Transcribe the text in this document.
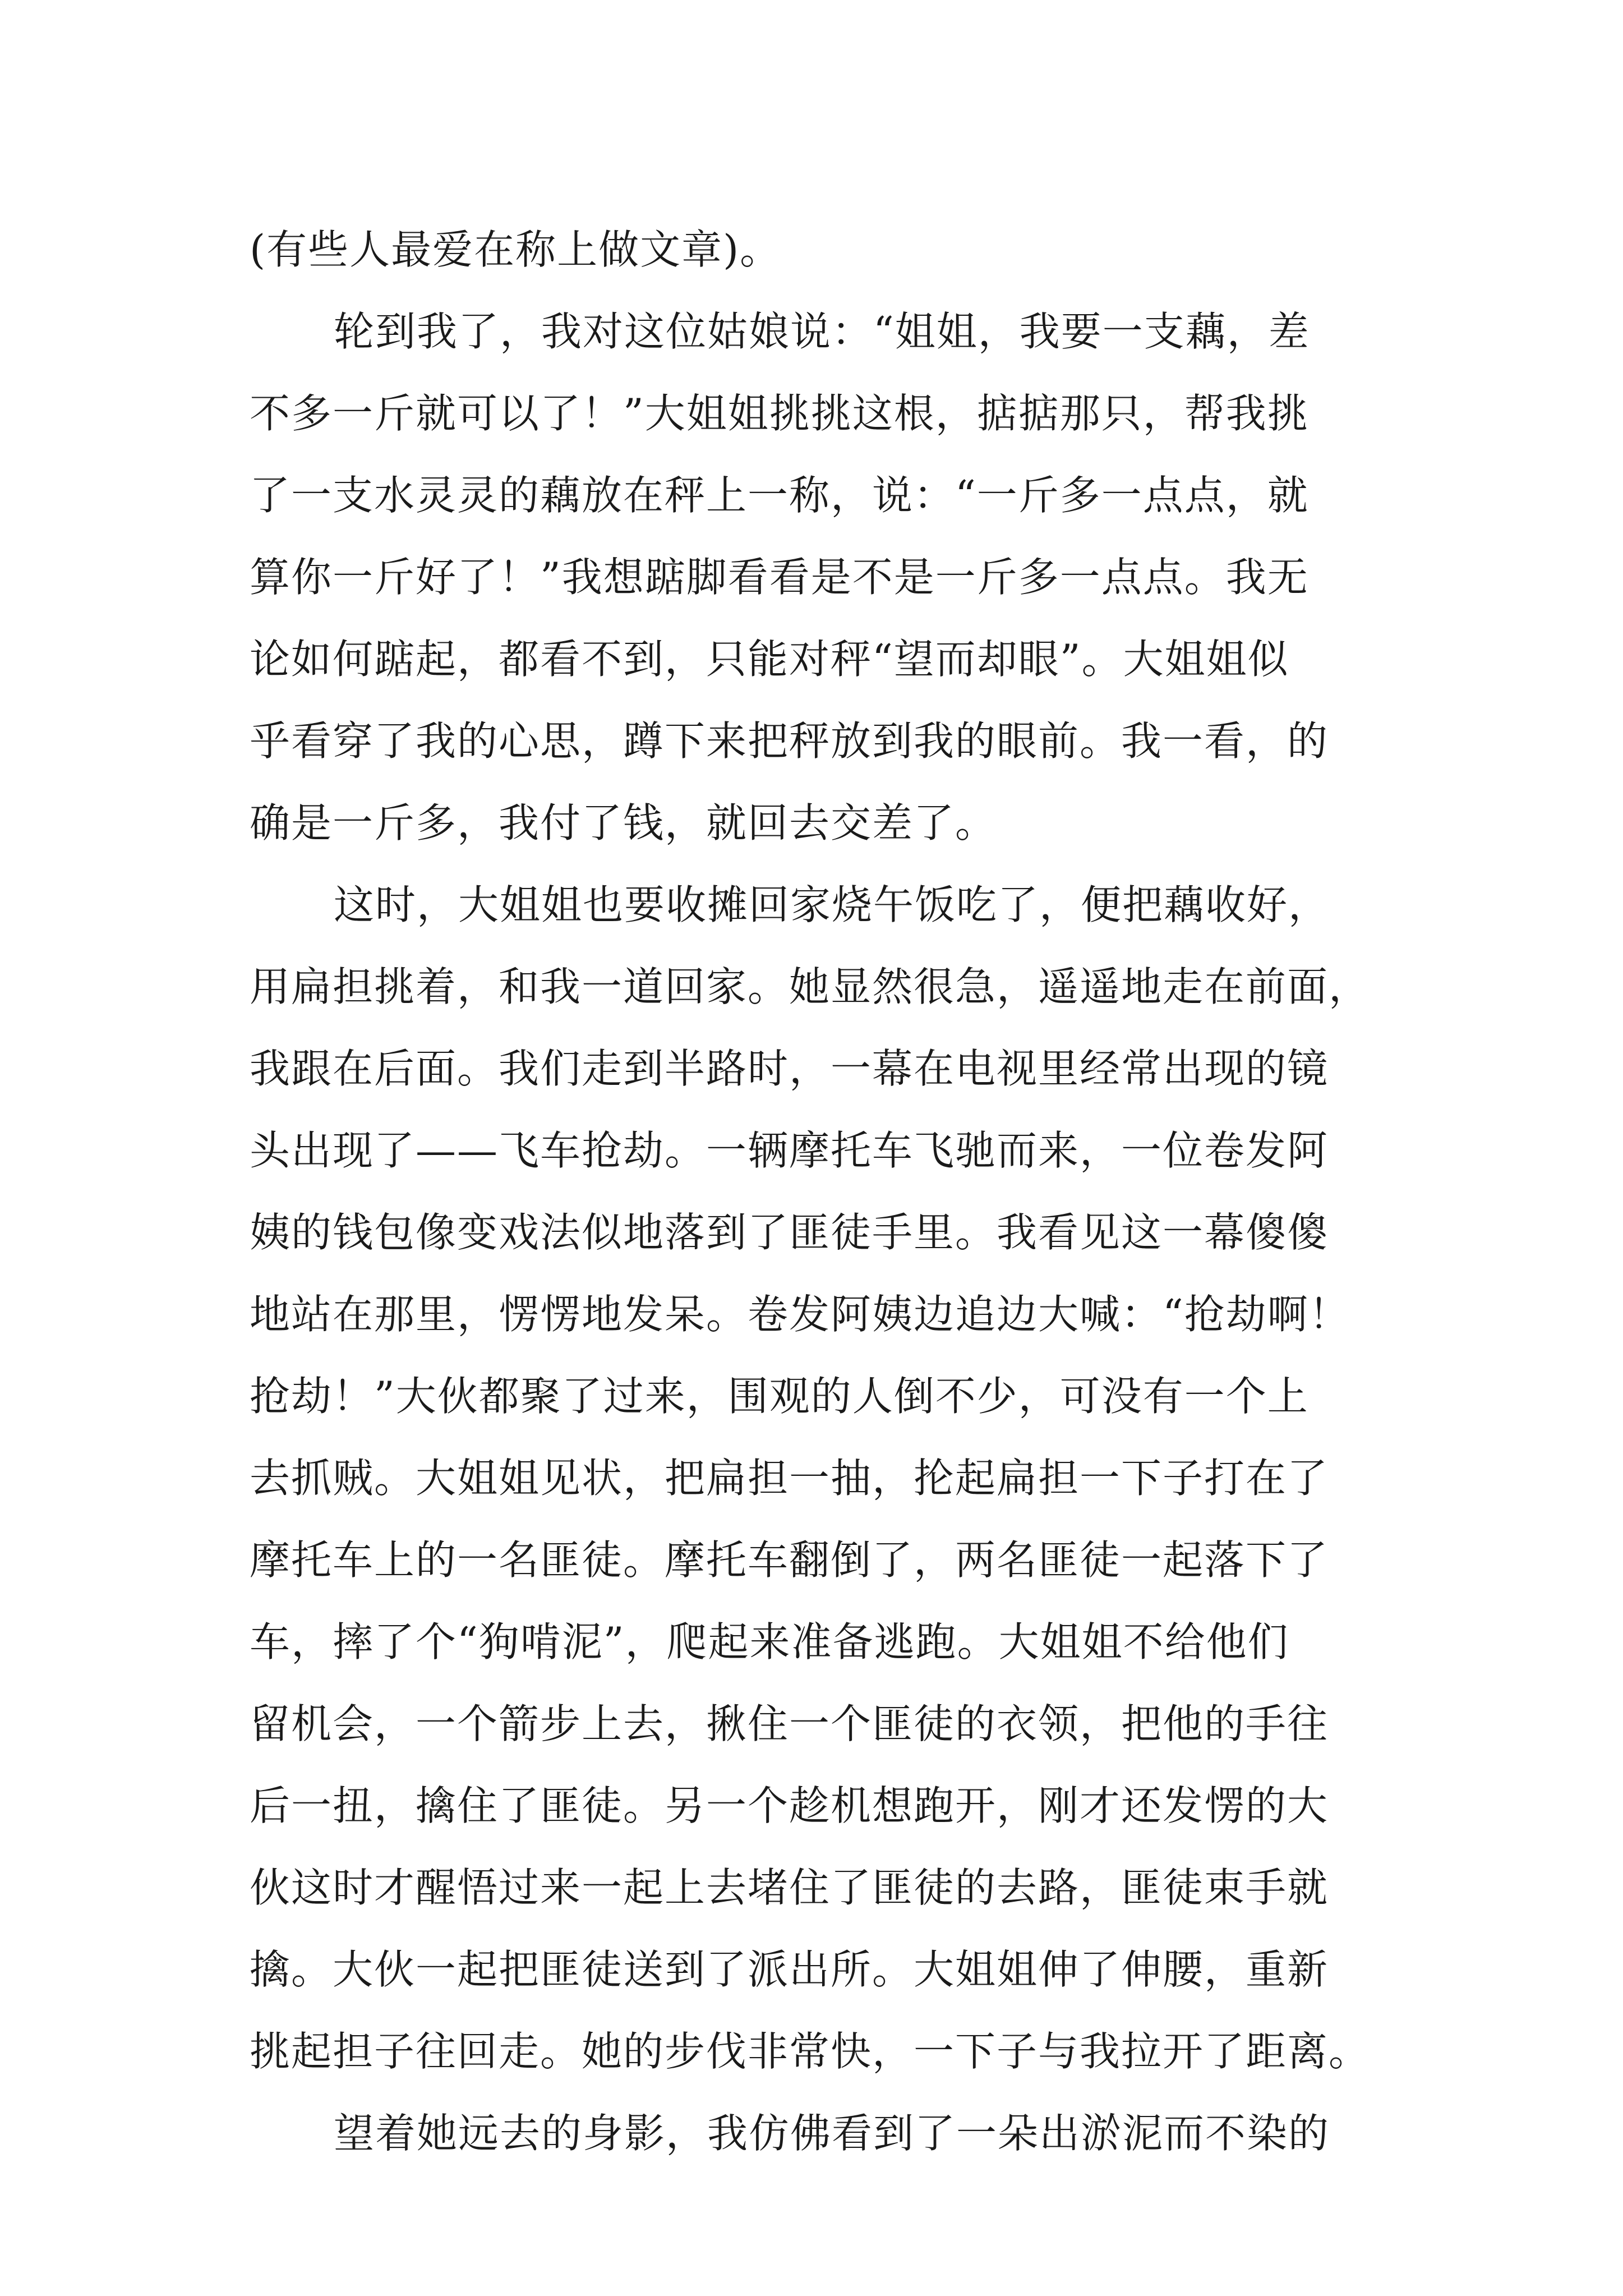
(有些人最爱在称上做文章)。
轮到我了，我对这位姑娘说：“姐姐，我要一支藕，差
不多一斤就可以了！”大姐姐挑挑这根，掂掂那只，帮我挑
了一支水灵灵的藕放在秤上一称，说：“一斤多一点点，就
算你一斤好了！”我想踮脚看看是不是一斤多一点点。我无
论如何踮起，都看不到，只能对秤“望而却眼”。大姐姐似
乎看穿了我的心思，蹲下来把秤放到我的眼前。我一看，的
确是一斤多，我付了钱，就回去交差了。
这时，大姐姐也要收摊回家烧午饭吃了，便把藕收好，
用扁担挑着，和我一道回家。她显然很急，遥遥地走在前面，
我跟在后面。我们走到半路时，一幕在电视里经常出现的镜
头出现了——飞车抢劫。一辆摩托车飞驰而来，一位卷发阿
姨的钱包像变戏法似地落到了匪徒手里。我看见这一幕傻傻
地站在那里，愣愣地发呆。卷发阿姨边追边大喊：“抢劫啊！
抢劫！”大伙都聚了过来，围观的人倒不少，可没有一个上
去抓贼。大姐姐见状，把扁担一抽，抡起扁担一下子打在了
摩托车上的一名匪徒。摩托车翻倒了，两名匪徒一起落下了
车，摔了个“狗啃泥”，爬起来准备逃跑。大姐姐不给他们
留机会，一个箭步上去，揪住一个匪徒的衣领，把他的手往
后一扭，擒住了匪徒。另一个趁机想跑开，刚才还发愣的大
伙这时才醒悟过来一起上去堵住了匪徒的去路，匪徒束手就
擒。大伙一起把匪徒送到了派出所。大姐姐伸了伸腰，重新
挑起担子往回走。她的步伐非常快，一下子与我拉开了距离。
望着她远去的身影，我仿佛看到了一朵出淤泥而不染的
